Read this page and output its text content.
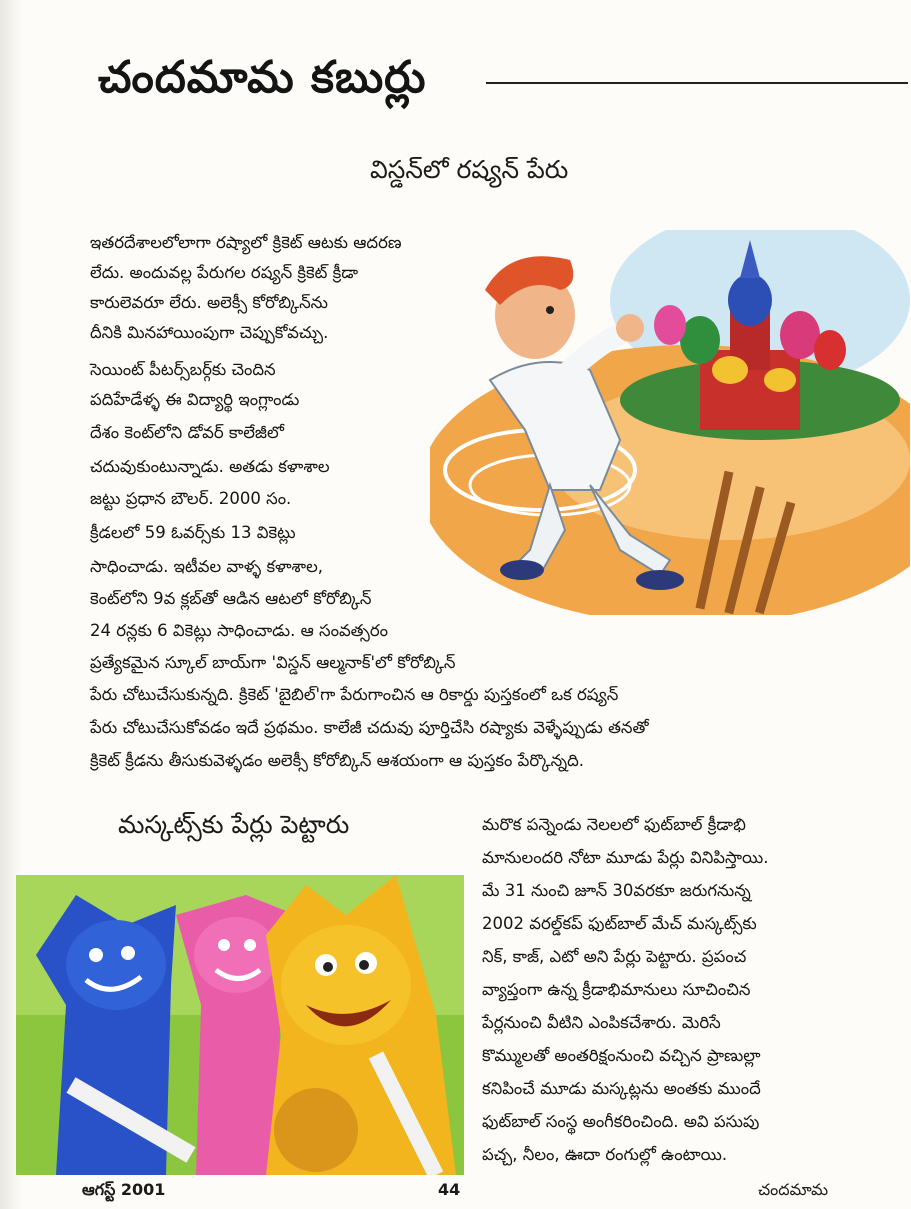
చందమామ కబుర్లు
విస్డన్‌లో రష్యన్ పేరు
ఇతరదేశాలలోలాగా రష్యాలో క్రికెట్ ఆటకు ఆదరణ
లేదు. అందువల్ల పేరుగల రష్యన్ క్రికెట్ క్రీడా
కారులెవరూ లేరు. అలెక్సీ కోరోబ్కిన్‌ను
దీనికి మినహాయింపుగా చెప్పుకోవచ్చు.
సెయింట్ పీటర్స్‌బర్గ్‌కు చెందిన
పదిహేడేళ్ళ ఈ విద్యార్థి ఇంగ్లాండు
దేశం కెంట్‌లోని డోవర్ కాలేజీలో
చదువుకుంటున్నాడు. అతడు కళాశాల
జట్టు ప్రధాన బౌలర్. 2000 సం.
క్రీడలలో 59 ఓవర్స్‌కు 13 వికెట్లు
సాధించాడు. ఇటీవల వాళ్ళ కళాశాల,
కెంట్‌లోని 9వ క్లబ్‌తో ఆడిన ఆటలో కోరోబ్కిన్
24 రన్లకు 6 వికెట్లు సాధించాడు. ఆ సంవత్సరం
ప్రత్యేకమైన స్కూల్ బాయ్‌గా 'విస్డన్ ఆల్మనాక్'లో కోరోబ్కిన్
పేరు చోటుచేసుకున్నది. క్రికెట్ 'బైబిల్'గా పేరుగాంచిన ఆ రికార్డు పుస్తకంలో ఒక రష్యన్
పేరు చోటుచేసుకోవడం ఇదే ప్రథమం. కాలేజీ చదువు పూర్తిచేసి రష్యాకు వెళ్ళేప్పుడు తనతో
క్రికెట్ క్రీడను తీసుకువెళ్ళడం అలెక్సీ కోరోబ్కిన్ ఆశయంగా ఆ పుస్తకం పేర్కొన్నది.
మస్కట్స్‌కు పేర్లు పెట్టారు	మరొక పన్నెండు నెలలలో ఫుట్‌బాల్ క్రీడాభి
మానులందరి నోటా మూడు పేర్లు వినిపిస్తాయి.
మే 31 నుంచి జూన్ 30వరకూ జరుగనున్న
2002 వరల్డ్‌కప్ ఫుట్‌బాల్ మేచ్ మస్కట్స్‌కు
నిక్, కాజ్, ఎటో అని పేర్లు పెట్టారు. ప్రపంచ
వ్యాప్తంగా ఉన్న క్రీడాభిమానులు సూచించిన
పేర్లనుంచి వీటిని ఎంపికచేశారు. మెరిసే
కొమ్ములతో అంతరిక్షంనుంచి వచ్చిన ప్రాణుల్లా
కనిపించే మూడు మస్కట్లను అంతకు ముందే
ఫుట్‌బాల్ సంస్థ అంగీకరించింది. అవి పసుపు
పచ్చ, నీలం, ఊదా రంగుల్లో ఉంటాయి.
ఆగస్ట్ 2001	44	చందమామ
